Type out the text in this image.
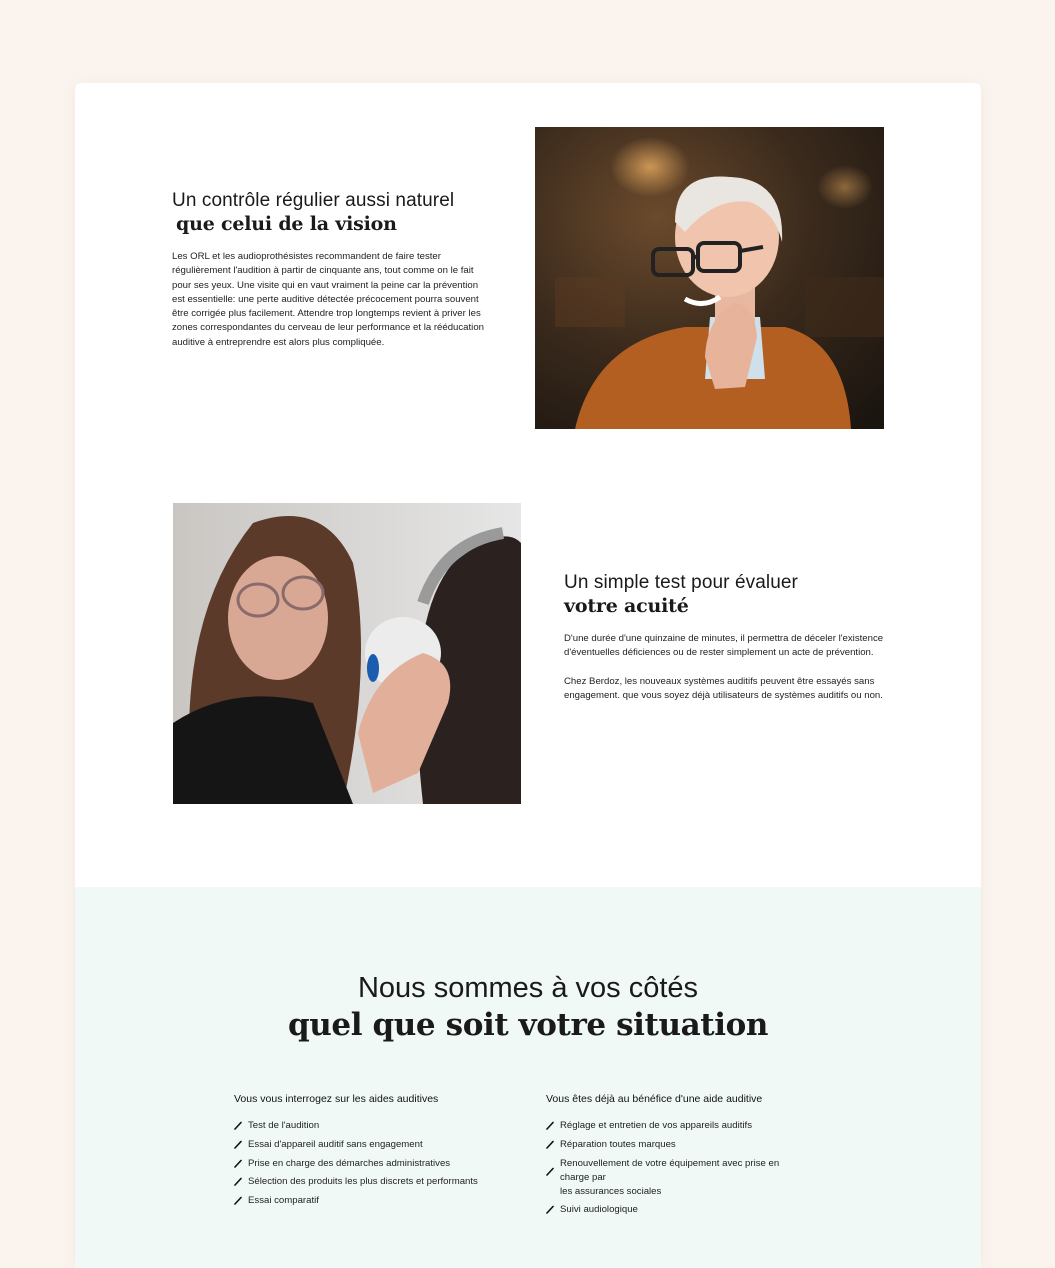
Un contrôle régulier aussi naturel
que celui de la vision

Les ORL et les audioprothésistes recommandent de faire tester régulièrement l'audition à partir de cinquante ans, tout comme on le fait pour ses yeux. Une visite qui en vaut vraiment la peine car la prévention est essentielle: une perte auditive détectée précocement pourra souvent être corrigée plus facilement. Attendre trop longtemps revient à priver les zones correspondantes du cerveau de leur performance et la rééducation auditive à entreprendre est alors plus compliquée.

Un simple test pour évaluer
votre acuité

D'une durée d'une quinzaine de minutes, il permettra de déceler l'existence d'éventuelles déficiences ou de rester simplement un acte de prévention.

Chez Berdoz, les nouveaux systèmes auditifs peuvent être essayés sans engagement. que vous soyez déjà utilisateurs de systèmes auditifs ou non.

Nous sommes à vos côtés

quel que soit votre situation

Vous vous interrogez sur les aides auditives
Test de l'audition
Essai d'appareil auditif sans engagement
Prise en charge des démarches administratives
Sélection des produits les plus discrets et performants
Essai comparatif
Vous êtes déjà au bénéfice d'une aide auditive
Réglage et entretien de vos appareils auditifs
Réparation toutes marques
Renouvellement de votre équipement avec prise en charge par
les assurances sociales
Suivi audiologique
